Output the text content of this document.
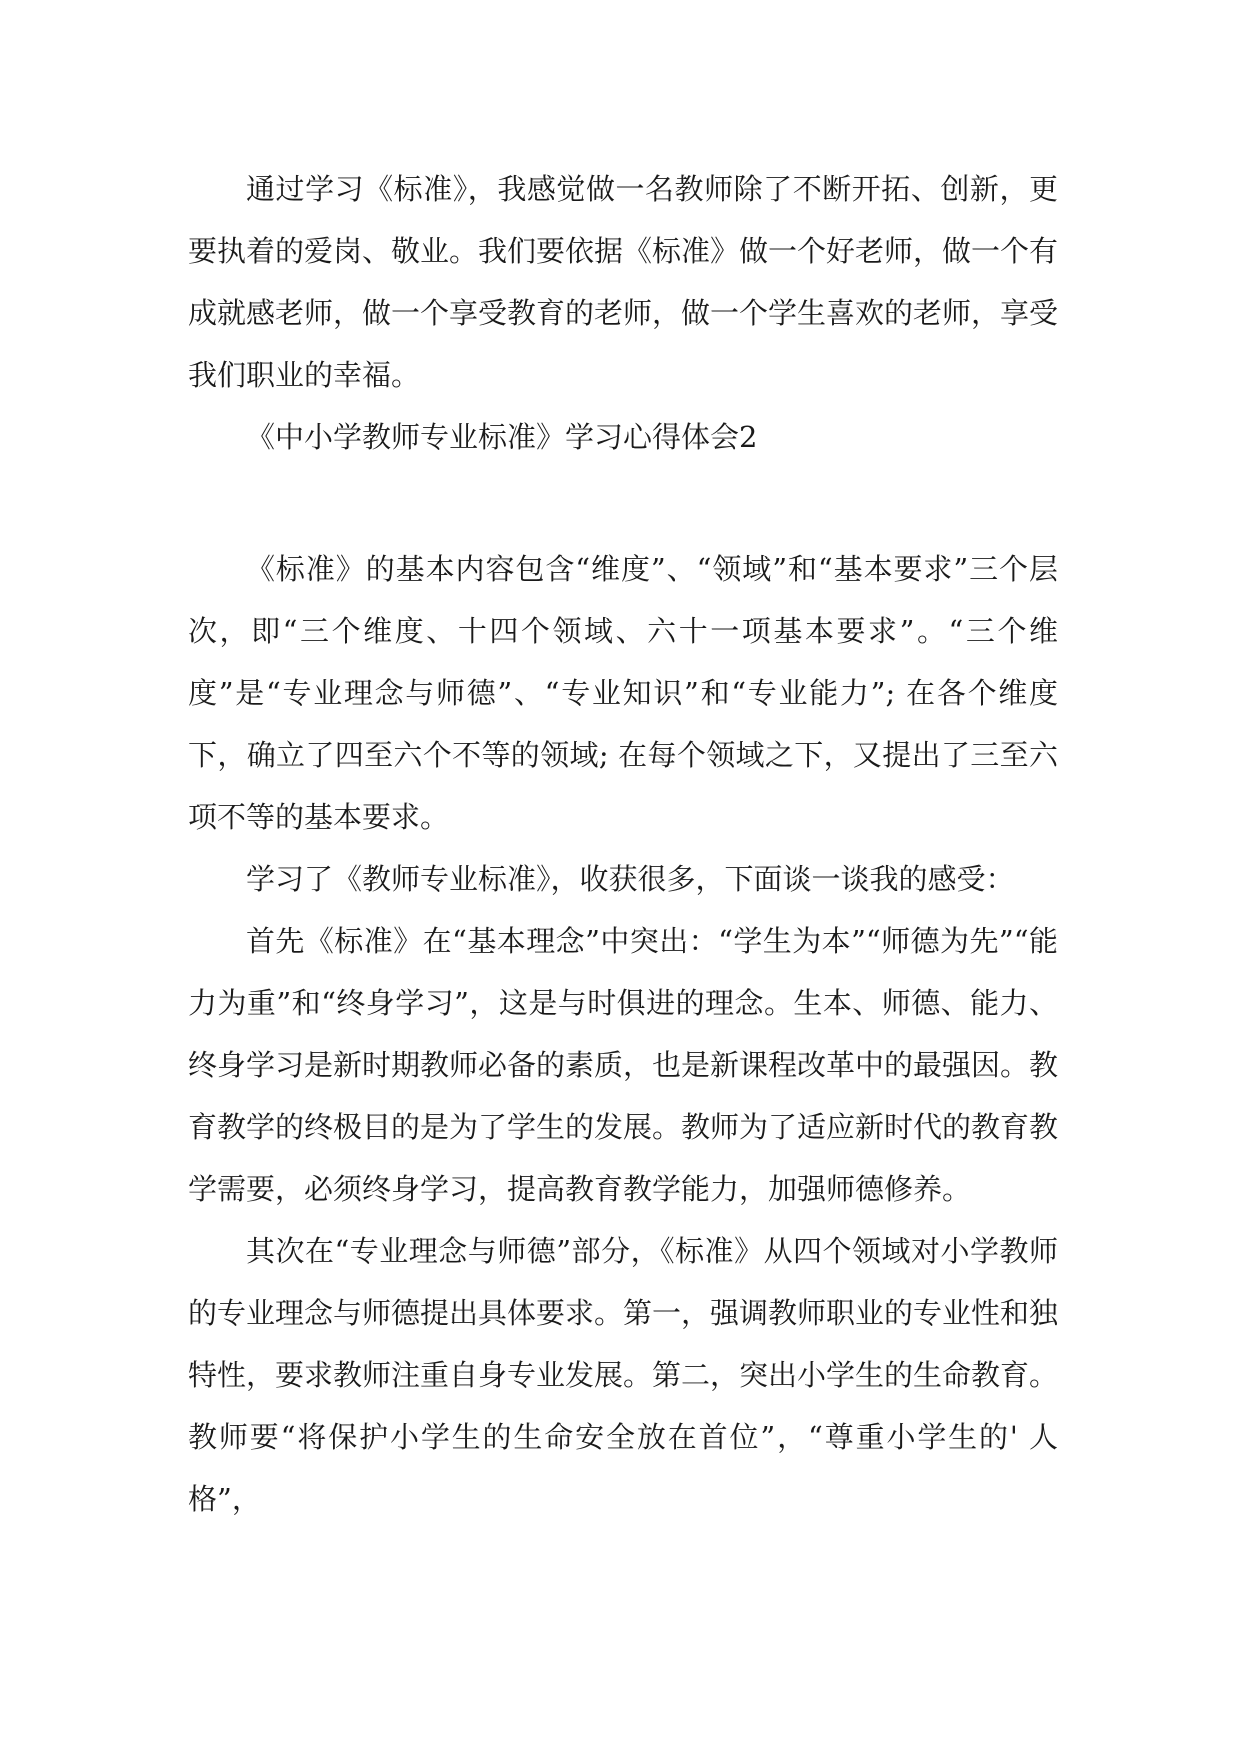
通过学习《标准》，我感觉做一名教师除了不断开拓、创新，更要执着的爱岗、敬业。我们要依据《标准》做一个好老师，做一个有成就感老师，做一个享受教育的老师，做一个学生喜欢的老师，享受我们职业的幸福。

《中小学教师专业标准》学习心得体会2

《标准》的基本内容包含“维度”、“领域”和“基本要求”三个层次，即“三个维度、十四个领域、六十一项基本要求”。“三个维度”是“专业理念与师德”、“专业知识”和“专业能力”; 在各个维度下，确立了四至六个不等的领域; 在每个领域之下，又提出了三至六项不等的基本要求。

学习了《教师专业标准》，收获很多，下面谈一谈我的感受：

首先《标准》在“基本理念”中突出：“学生为本”“师德为先”“能力为重”和“终身学习”，这是与时俱进的理念。生本、师德、能力、终身学习是新时期教师必备的素质，也是新课程改革中的最强因。教育教学的终极目的是为了学生的发展。教师为了适应新时代的教育教学需要，必须终身学习，提高教育教学能力，加强师德修养。

其次在“专业理念与师德”部分，《标准》从四个领域对小学教师的专业理念与师德提出具体要求。第一，强调教师职业的专业性和独特性，要求教师注重自身专业发展。第二，突出小学生的生命教育。教师要“将保护小学生的生命安全放在首位”，“尊重小学生的' 人格”，
